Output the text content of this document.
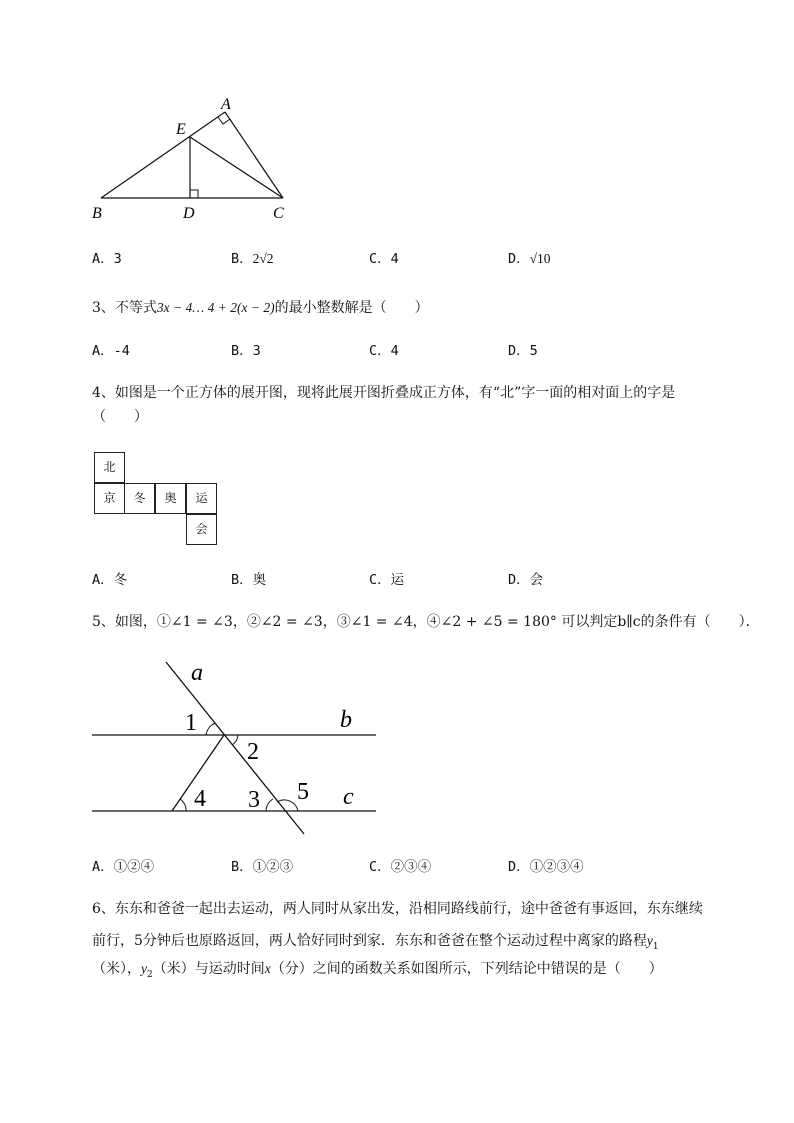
A
E
B	D	C
A．3	B．2√2	C．4	D．√10
3、不等式3x − 4… 4 + 2(x − 2)的最小整数解是（　　）
A．-4	B．3	C．4	D．5
4、如图是一个正方体的展开图，现将此展开图折叠成正方体，有“北”字一面的相对面上的字是
（　　）
北
京	冬	奥	运
会
A．冬	B．奥	C．运	D．会
5、如图，①∠1 = ∠3，②∠2 = ∠3，③∠1 = ∠4，④∠2 + ∠5 = 180° 可以判定b∥c的条件有（　　）．
a
b
c
1
2
4 3 5
A．①②④	B．①②③	C．②③④	D．①②③④
6、东东和爸爸一起出去运动，两人同时从家出发，沿相同路线前行，途中爸爸有事返回，东东继续
前行，5分钟后也原路返回，两人恰好同时到家．东东和爸爸在整个运动过程中离家的路程$y_1$
（米），$y_2$（米）与运动时间x（分）之间的函数关系如图所示，下列结论中错误的是（　　）
